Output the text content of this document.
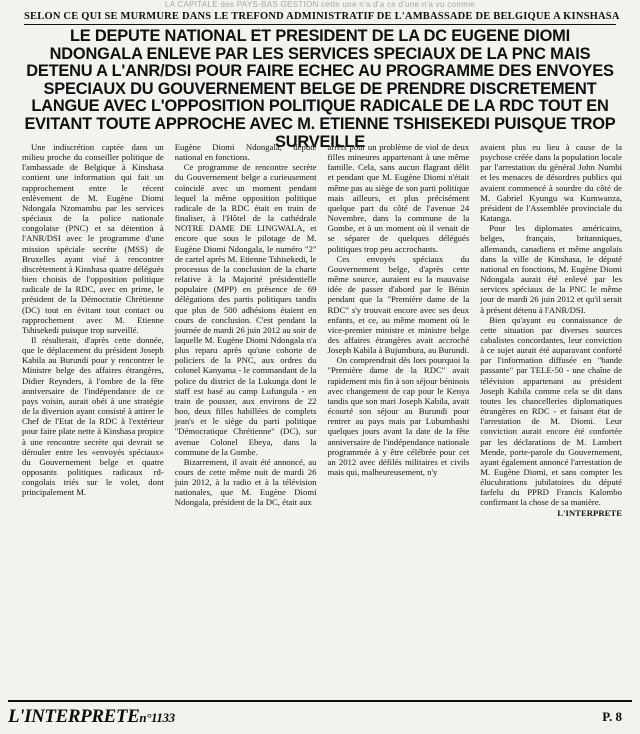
LA CAPITALE des PAYS-BAS GESTION cette une n'a d'a ce d'une n'a vu comme
SELON CE QUI SE MURMURE DANS LE TREFOND ADMINISTRATIF DE L'AMBASSADE DE BELGIQUE A KINSHASA
LE DEPUTE NATIONAL ET PRESIDENT DE LA DC EUGENE DIOMI NDONGALA ENLEVE PAR LES SERVICES SPECIAUX DE LA PNC MAIS DETENU A L'ANR/DSI POUR FAIRE ECHEC AU PROGRAMME DES ENVOYES SPECIAUX DU GOUVERNEMENT BELGE DE PRENDRE DISCRETEMENT LANGUE AVEC L'OPPOSITION POLITIQUE RADICALE DE LA RDC TOUT EN EVITANT TOUTE APPROCHE AVEC M. ETIENNE TSHISEKEDI PUISQUE TROP SURVEILLE

Une indiscrétion captée dans un milieu proche du conseiller politique de l'ambassade de Belgique à Kinshasa contient une information qui fait un rapprochement entre le récent enlèvement de M. Eugène Diomi Ndongala Nzomambu par les services spéciaux de la police nationale congolaise (PNC) et sa détention à l'ANR/DSI avec le programme d'une mission spéciale secrète (MSS) de Bruxelles ayant visé à rencontrer discrètement à Kinshasa quatre délégués bien choisis de l'opposition politique radicale de la RDC, avec en prime, le président de la Démocratie Chrétienne (DC) tout en évitant tout contact ou rapprochement avec M. Etienne Tshisekedi puisque trop surveillé.

Il résulterait, d'après cette donnée, que le déplacement du président Joseph Kabila au Burundi pour y rencontrer le Ministre belge des affaires étrangères, Didier Reynders, à l'ombre de la fête anniversaire de l'indépendance de ce pays voisin, aurait obéi à une stratégie de la diversion ayant consisté à attirer le Chef de l'Etat de la RDC à l'extérieur pour faire plate nette à Kinshasa propice à une rencontre secrète qui devrait se dérouler entre les «envoyés spéciaux» du Gouvernement belge et quatre opposants politiques radicaux rd-congolais triés sur le volet, dont principalement M.

Eugène Diomi Ndongala, député national en fonctions.

Ce programme de rencontre secrète du Gouvernement belge a curieusement coïncidé avec un moment pendant lequel la même opposition politique radicale de la RDC était en train de finaliser, à l'Hôtel de la cathédrale NOTRE DAME DE LINGWALA, et encore que sous le pilotage de M. Eugène Diomi Ndongala, le numéro "2" de cartel après M. Etienne Tshisekedi, le processus de la conclusion de la charte relative à la Majorité présidentielle populaire (MPP) en présence de 69 délégations des partis politiques tandis que plus de 500 adhésions étaient en cours de conclusion. C'est pendant la journée de mardi 26 juin 2012 au soir de laquelle M. Eugène Diomi Ndongala n'a plus reparu après qu'une cohorte de policiers de la PNC, aux ordres du colonel Kanyama - le commandant de la police du district de la Lukunga dont le staff est basé au camp Lufungula - en train de pousser, aux environs de 22 hoo, deux filles habillées de complets jean's et le siège du parti politique "Démocratique Chrétienne" (DC), sur avenue Colonel Ebeya, dans la commune de la Gombe.

Bizarrement, il avait été annoncé, au cours de cette même nuit de mardi 26 juin 2012, à la radio et à la télévision nationales, que M. Eugène Diomi Ndongala, président de la DC, était aux

arrêts pour un problème de viol de deux filles mineures appartenant à une même famille. Cela, sans aucun flagrant délit et pendant que M. Eugène Diomi n'était même pas au siège de son parti politique mais ailleurs, et plus précisément quelque part du côté de l'avenue 24 Novembre, dans la commune de la Gombe, et à un moment où il venait de se séparer de quelques délégués politiques trop peu accrochants.

Ces envoyés spéciaux du Gouvernement belge, d'après cette même source, auraient eu la mauvaise idée de passer d'abord par le Bénin pendant que la "Première dame de la RDC" s'y trouvait encore avec ses deux enfants, et ce, au même moment où le vice-premier ministre et ministre belge des affaires étrangères avait accroché Joseph Kabila à Bujumbura, au Burundi.

On comprendrait dès lors pourquoi la "Première dame de la RDC" avait rapidement mis fin à son séjour béninois avec changement de cap pour le Kenya tandis que son mari Joseph Kabila, avait écourté son séjour au Burundi pour rentrer au pays mais par Lubumbashi quelques jours avant la date de la fête anniversaire de l'indépendance nationale programmée à y être célébrée pour cet an 2012 avec défilés militaires et civils mais qui, malheureusement, n'y

avaient plus eu lieu à cause de la psychose créée dans la population locale par l'arrestation du général John Numbi et les menaces de désordres publics qui avaient commencé à sourdre du côté de M. Gabriel Kyungu wa Kumwanza, président de l'Assemblée provinciale du Katanga.

Pour les diplomates américains, belges, français, britanniques, allemands, canadiens et même angolais dans la ville de Kinshasa, le député national en fonctions, M. Eugène Diomi Ndongala aurait été enlevé par les services spéciaux de la PNC le même jour de mardi 26 juin 2012 et qu'il serait à présent détenu à l'ANR/DSI.

Bien qu'ayant eu connaissance de cette situation par diverses sources cabalistes concordantes, leur conviction à ce sujet aurait été auparavant conforté par l'information diffusée en "bande passante" par TELE-50 - une chaîne de télévision appartenant au président Joseph Kabila comme cela se dit dans toutes les chancelleries diplomatiques étrangères en RDC - et faisant état de l'arrestation de M. Diomi. Leur conviction aurait encore été confortée par les déclarations de M. Lambert Mende, porte-parole du Gouvernement, ayant également annoncé l'arrestation de M. Eugène Diomi, et sans compter les élucubrations jubilatoires du député farfelu du PPRD Francis Kalombo confirmant la chose de sa manière.

L'INTERPRETE

L'INTERPRETEn°1133	P. 8
